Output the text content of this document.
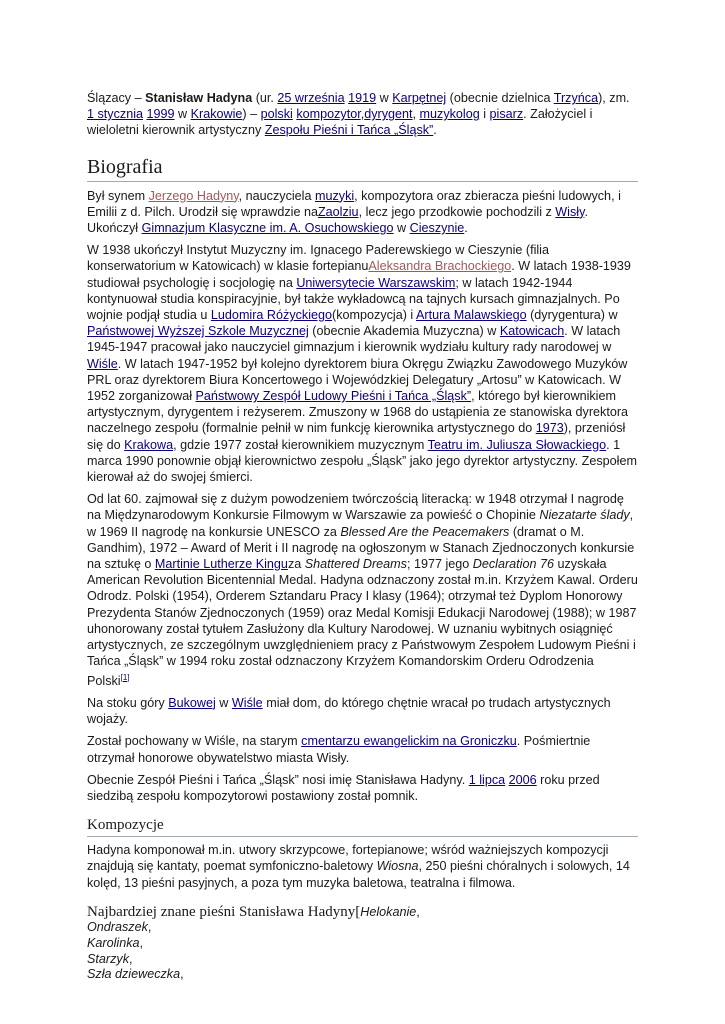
Ślązacy – Stanisław Hadyna (ur. 25 września 1919 w Karpętnej (obecnie dzielnica Trzyńca), zm. 1 stycznia 1999 w Krakowie) – polski kompozytor,dyrygent, muzykolog i pisarz. Założyciel i wieloletni kierownik artystyczny Zespołu Pieśni i Tańca „Śląsk”.

Biografia

Był synem Jerzego Hadyny, nauczyciela muzyki, kompozytora oraz zbieracza pieśni ludowych, i Emilii z d. Pilch. Urodził się wprawdzie naZaolziu, lecz jego przodkowie pochodzili z Wisły. Ukończył Gimnazjum Klasyczne im. A. Osuchowskiego w Cieszynie.

W 1938 ukończył Instytut Muzyczny im. Ignacego Paderewskiego w Cieszynie (filia konserwatorium w Katowicach) w klasie fortepianuAleksandra Brachockiego. W latach 1938-1939 studiował psychologię i socjologię na Uniwersytecie Warszawskim; w latach 1942-1944 kontynuował studia konspiracyjnie, był także wykładowcą na tajnych kursach gimnazjalnych. Po wojnie podjął studia u Ludomira Różyckiego(kompozycja) i Artura Malawskiego (dyrygentura) w Państwowej Wyższej Szkole Muzycznej (obecnie Akademia Muzyczna) w Katowicach. W latach 1945-1947 pracował jako nauczyciel gimnazjum i kierownik wydziału kultury rady narodowej w Wiśle. W latach 1947-1952 był kolejno dyrektorem biura Okręgu Związku Zawodowego Muzyków PRL oraz dyrektorem Biura Koncertowego i Wojewódzkiej Delegatury „Artosu” w Katowicach. W 1952 zorganizował Państwowy Zespół Ludowy Pieśni i Tańca „Śląsk”, którego był kierownikiem artystycznym, dyrygentem i reżyserem. Zmuszony w 1968 do ustąpienia ze stanowiska dyrektora naczelnego zespołu (formalnie pełnił w nim funkcję kierownika artystycznego do 1973), przeniósł się do Krakowa, gdzie 1977 został kierownikiem muzycznym Teatru im. Juliusza Słowackiego. 1 marca 1990 ponownie objął kierownictwo zespołu „Śląsk” jako jego dyrektor artystyczny. Zespołem kierował aż do swojej śmierci.

Od lat 60. zajmował się z dużym powodzeniem twórczością literacką: w 1948 otrzymał I nagrodę na Międzynarodowym Konkursie Filmowym w Warszawie za powieść o Chopinie Niezatarte ślady, w 1969 II nagrodę na konkursie UNESCO za Blessed Are the Peacemakers (dramat o M. Gandhim), 1972 – Award of Merit i II nagrodę na ogłoszonym w Stanach Zjednoczonych konkursie na sztukę o Martinie Lutherze Kinguza Shattered Dreams; 1977 jego Declaration 76 uzyskała American Revolution Bicentennial Medal. Hadyna odznaczony został m.in. Krzyżem Kawal. Orderu Odrodz. Polski (1954), Orderem Sztandaru Pracy I klasy (1964); otrzymał też Dyplom Honorowy Prezydenta Stanów Zjednoczonych (1959) oraz Medal Komisji Edukacji Narodowej (1988); w 1987 uhonorowany został tytułem Zasłużony dla Kultury Narodowej. W uznaniu wybitnych osiągnięć artystycznych, ze szczególnym uwzględnieniem pracy z Państwowym Zespołem Ludowym Pieśni i Tańca „Śląsk” w 1994 roku został odznaczony Krzyżem Komandorskim Orderu Odrodzenia Polski[1]

Na stoku góry Bukowej w Wiśle miał dom, do którego chętnie wracał po trudach artystycznych wojaży.

Został pochowany w Wiśle, na starym cmentarzu ewangelickim na Groniczku. Pośmiertnie otrzymał honorowe obywatelstwo miasta Wisły.

Obecnie Zespół Pieśni i Tańca „Śląsk” nosi imię Stanisława Hadyny. 1 lipca 2006 roku przed siedzibą zespołu kompozytorowi postawiony został pomnik.

Kompozycje

Hadyna komponował m.in. utwory skrzypcowe, fortepianowe; wśród ważniejszych kompozycji znajdują się kantaty, poemat symfoniczno-baletowy Wiosna, 250 pieśni chóralnych i solowych, 14 kolęd, 13 pieśni pasyjnych, a poza tym muzyka baletowa, teatralna i filmowa.

Najbardziej znane pieśni Stanisława Hadyny[Helokanie,
Ondraszek,
Karolinka,
Starzyk,
Szła dzieweczka,
